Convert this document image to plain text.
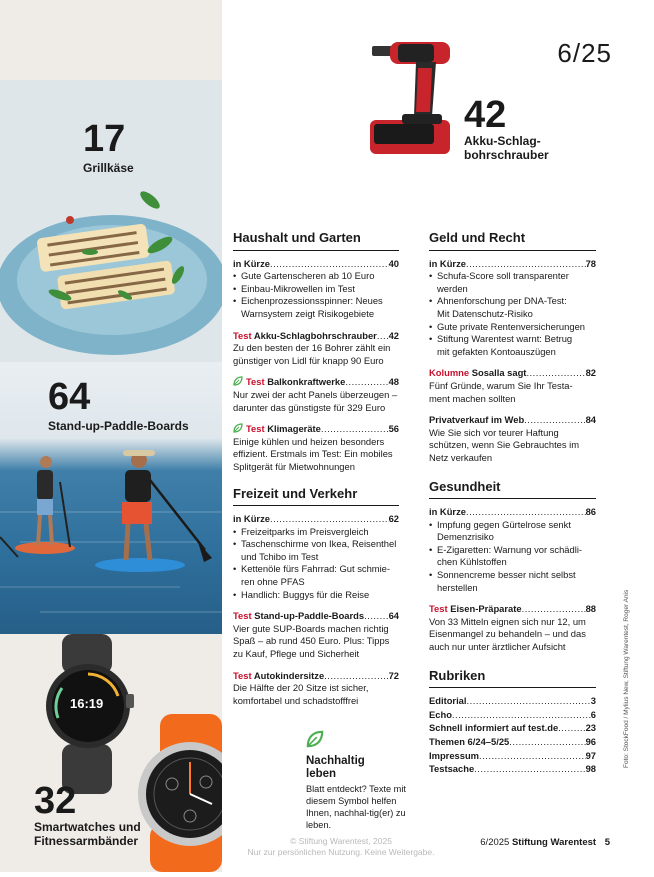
16:19
6/25
42
Akku-Schlag-
bohrschrauber
17
Grillkäse
64
Stand-up-Paddle-Boards
32
Smartwatches und
Fitnessarmbänder
Haushalt und Garten
in Kürze .....	40
• Gute Gartenscheren ab 10 Euro
• Einbau-Mikrowellen im Test
• Eichenprozessionsspinner: Neues
Warnsystem zeigt Risikogebiete
Test Akku-Schlagbohrschrauber ..... 42
Zu den besten der 16 Bohrer zählt ein günstiger von Lidl für knapp 90 Euro
Test Balkonkraftwerke .....	48
Nur zwei der acht Panels überzeugen – darunter das günstigste für 329 Euro
Test Klimageräte .....	56
Einige kühlen und heizen besonders effizient. Erstmals im Test: Ein mobiles Splitgerät für Mietwohnungen
Freizeit und Verkehr
in Kürze .....	62
• Freizeitparks im Preisvergleich
• Taschenschirme von Ikea, Reisenthel
und Tchibo im Test
• Kettenöle fürs Fahrrad: Gut schmie-
ren ohne PFAS
• Handlich: Buggys für die Reise
Test Stand-up-Paddle-Boards .....	64
Vier gute SUP-Boards machen richtig Spaß – ab rund 450 Euro. Plus: Tipps zu Kauf, Pflege und Sicherheit
Test Autokindersitze .....	72
Die Hälfte der 20 Sitze ist sicher, komfortabel und schadstofffrei
Nachhaltig
leben
Blatt entdeckt? Texte mit diesem Symbol helfen Ihnen, nachhal-tig(er) zu leben.
Geld und Recht
in Kürze .....	78
• Schufa-Score soll transparenter
werden
• Ahnenforschung per DNA-Test:
Mit Datenschutz-Risiko
• Gute private Rentenversicherungen
• Stiftung Warentest warnt: Betrug
mit gefakten Kontoauszügen
Kolumne Sosalla sagt .....	82
Fünf Gründe, warum Sie Ihr Testa-
ment machen sollten
Privatverkauf im Web .....	84
Wie Sie sich vor teurer Haftung schützen, wenn Sie Gebrauchtes im Netz verkaufen
Gesundheit
in Kürze .....	86
• Impfung gegen Gürtelrose senkt
Demenzrisiko
• E-Zigaretten: Warnung vor schädli-
chen Kühlstoffen
• Sonnencreme besser nicht selbst
herstellen
Test Eisen-Präparate .....	88
Von 33 Mitteln eignen sich nur 12, um Eisenmangel zu behandeln – und das auch nur unter ärztlicher Aufsicht
Rubriken
Editorial .....	3
Echo .....	6
Schnell informiert auf test.de .....	23
Themen 6/24–5/25 .....	96
Impressum .....	97
Testsache .....	98
Foto: StockFood / Mylius New, Stiftung Warentest, Roger Anis
© Stiftung Warentest, 2025
Nur zur persönlichen Nutzung. Keine Weitergabe.
6/2025 Stiftung Warentest 5
